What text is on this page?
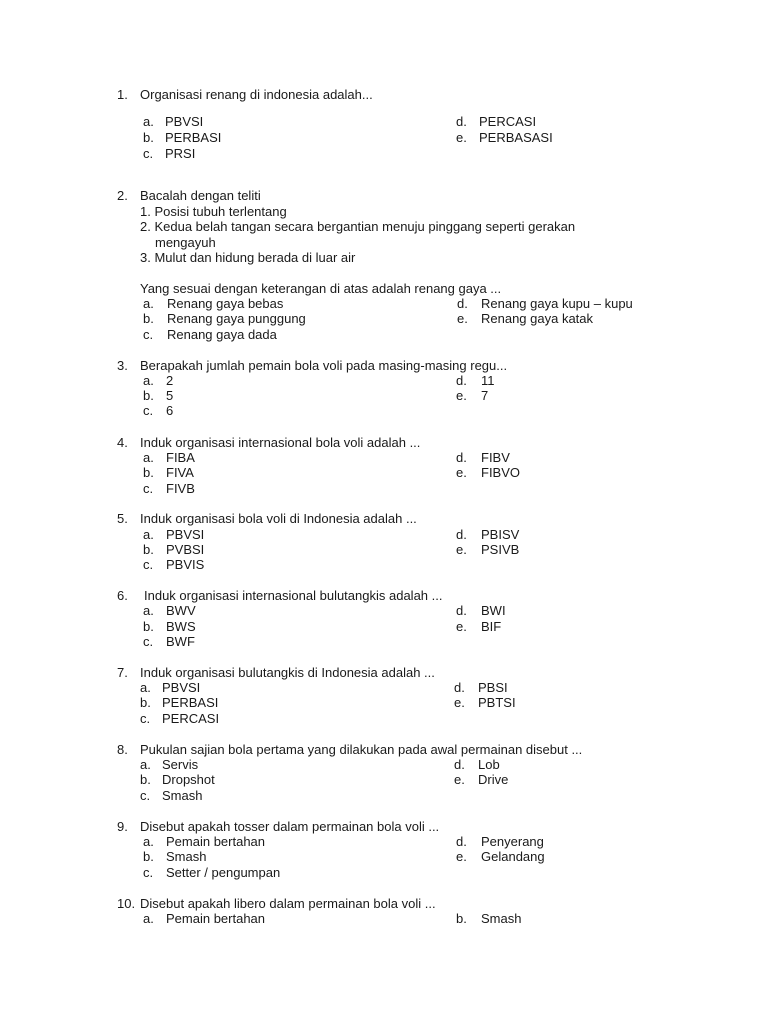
1. Organisasi renang di indonesia adalah...
a. PBVSI
b. PERBASI
c. PRSI
d. PERCASI
e. PERBASASI
2. Bacalah dengan teliti
1. Posisi tubuh terlentang
2. Kedua belah tangan secara bergantian menuju pinggang seperti gerakan
mengayuh
3. Mulut dan hidung berada di luar air
Yang sesuai dengan keterangan di atas adalah renang gaya ...
a. Renang gaya bebas
b. Renang gaya punggung
c. Renang gaya dada
d. Renang gaya kupu – kupu
e. Renang gaya katak
3. Berapakah jumlah pemain bola voli pada masing-masing regu...
a. 2
b. 5
c. 6
d. 11
e. 7
4. Induk organisasi internasional bola voli adalah ...
a. FIBA
b. FIVA
c. FIVB
d. FIBV
e. FIBVO
5. Induk organisasi bola voli di Indonesia adalah ...
a. PBVSI
b. PVBSI
c. PBVIS
d. PBISV
e. PSIVB
6. Induk organisasi internasional bulutangkis adalah ...
a. BWV
b. BWS
c. BWF
d. BWI
e. BIF
7. Induk organisasi bulutangkis di Indonesia adalah ...
a. PBVSI
b. PERBASI
c. PERCASI
d. PBSI
e. PBTSI
8. Pukulan sajian bola pertama yang dilakukan pada awal permainan disebut ...
a. Servis
b. Dropshot
c. Smash
d. Lob
e. Drive
9. Disebut apakah tosser dalam permainan bola voli ...
a. Pemain bertahan
b. Smash
c. Setter / pengumpan
d. Penyerang
e. Gelandang
10. Disebut apakah libero dalam permainan bola voli ...
a. Pemain bertahan	b. Smash
